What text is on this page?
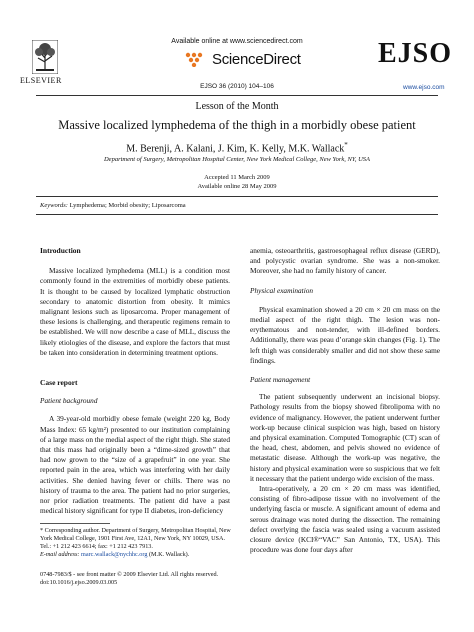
ELSEVIER
Available online at www.sciencedirect.com
ScienceDirect
EJSO 36 (2010) 104–106
EJSO
www.ejso.com
Lesson of the Month
Massive localized lymphedema of the thigh in a morbidly obese patient
M. Berenji, A. Kalani, J. Kim, K. Kelly, M.K. Wallack*
Department of Surgery, Metropolitan Hospital Center, New York Medical College, New York, NY, USA
Accepted 11 March 2009
Available online 28 May 2009
Keywords: Lymphedema; Morbid obesity; Liposarcoma
Introduction

Massive localized lymphedema (MLL) is a condition most commonly found in the extremities of morbidly obese patients. It is thought to be caused by localized lymphatic obstruction secondary to anatomic distortion from obesity. It mimics malignant lesions such as liposarcoma. Proper management of these lesions is challenging, and therapeutic regimens remain to be established. We will now describe a case of MLL, discuss the likely etiologies of the disease, and explore the factors that must be taken into consideration in determining treatment options.

Case report
Patient background

A 39-year-old morbidly obese female (weight 220 kg, Body Mass Index: 65 kg/m²) presented to our institution complaining of a large mass on the medial aspect of the right thigh. She stated that this mass had originally been a “dime-sized growth” that had now grown to the “size of a grapefruit” in one year. She reported pain in the area, which was interfering with her daily activities. She denied having fever or chills. There was no history of trauma to the area. The patient had no prior surgeries, nor prior radiation treatments. The patient did have a past medical history significant for type II diabetes, iron-deficiency

* Corresponding author. Department of Surgery, Metropolitan Hospital, New York Medical College, 1901 First Ave, 12A1, New York, NY 10029, USA. Tel.: +1 212 423 6614; fax: +1 212 423 7913.
E-mail address: marc.wallack@nychhc.org (M.K. Wallack).
0748-7983/$ - see front matter © 2009 Elsevier Ltd. All rights reserved.
doi:10.1016/j.ejso.2009.03.005

anemia, osteoarthritis, gastroesophageal reflux disease (GERD), and polycystic ovarian syndrome. She was a non-smoker. Moreover, she had no family history of cancer.

Physical examination

Physical examination showed a 20 cm × 20 cm mass on the medial aspect of the right thigh. The lesion was non-erythematous and non-tender, with ill-defined borders. Additionally, there was peau d’orange skin changes (Fig. 1). The left thigh was considerably smaller and did not show these same findings.

Patient management

The patient subsequently underwent an incisional biopsy. Pathology results from the biopsy showed fibrolipoma with no evidence of malignancy. However, the patient underwent further work-up because clinical suspicion was high, based on history and physical examination. Computed Tomographic (CT) scan of the head, chest, abdomen, and pelvis showed no evidence of metastatic disease. Although the work-up was negative, the history and physical examination were so suspicious that we felt it necessary that the patient undergo wide excision of the mass.

Intra-operatively, a 20 cm × 20 cm mass was identified, consisting of fibro-adipose tissue with no involvement of the underlying fascia or muscle. A significant amount of edema and serous drainage was noted during the dissection. The remaining defect overlying the fascia was sealed using a vacuum assisted closure device (KCI®“VAC” San Antonio, TX, USA). This procedure was done four days after
